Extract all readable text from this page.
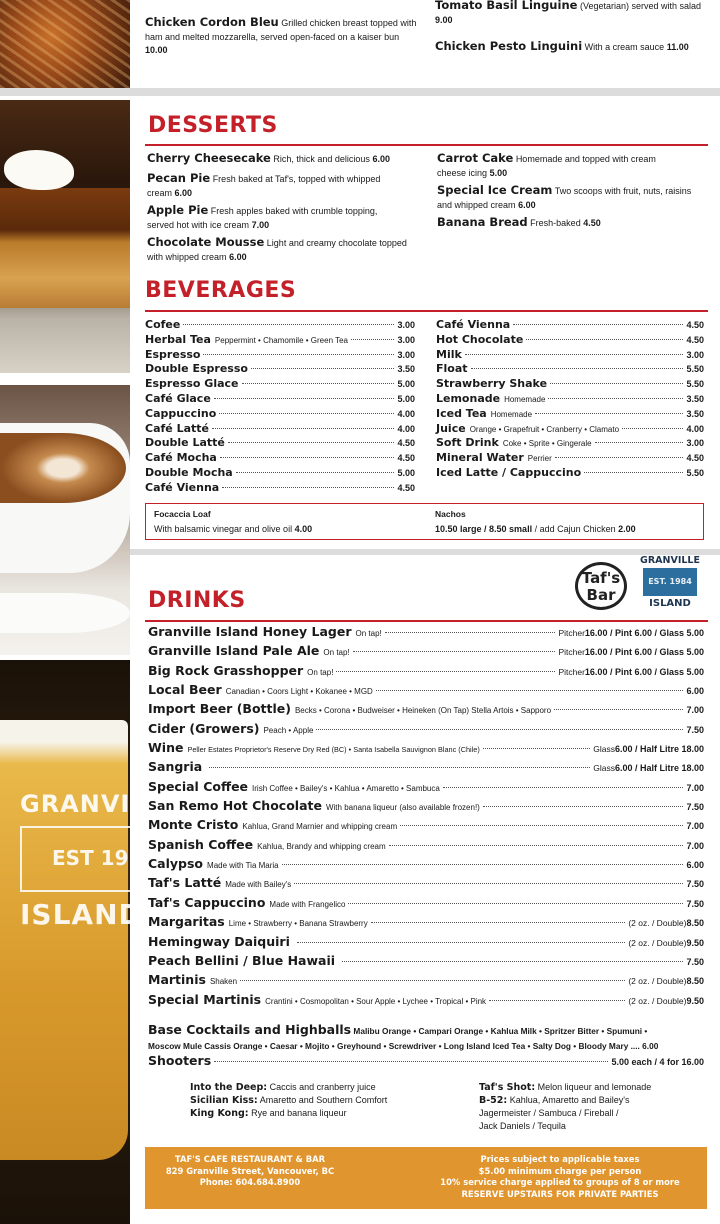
GRANVILLE
EST 19
ISLAND
Chicken Cordon Bleu Grilled chicken breast topped with ham and melted mozzarella, served open-faced on a kaiser bun 10.00
Tomato Basil Linguine (Vegetarian) served with salad
9.00
Chicken Pesto Linguini With a cream sauce 11.00
DESSERTS
Cherry Cheesecake Rich, thick and delicious 6.00
Pecan Pie Fresh baked at Taf's, topped with whipped cream 6.00
Apple Pie Fresh apples baked with crumble topping, served hot with ice cream 7.00
Chocolate Mousse Light and creamy chocolate topped with whipped cream 6.00
Carrot Cake Homemade and topped with cream cheese icing 5.00
Special Ice Cream Two scoops with fruit, nuts, raisins and whipped cream 6.00
Banana Bread Fresh-baked 4.50
BEVERAGES
Cofee	3.00
Herbal Tea Peppermint • Chamomile • Green Tea	3.00
Espresso	3.00
Double Espresso	3.50
Espresso Glace	5.00
Café Glace	5.00
Cappuccino	4.00
Café Latté	4.00
Double Latté	4.50
Café Mocha	4.50
Double Mocha	5.00
Café Vienna	4.50
Café Vienna	4.50
Hot Chocolate	4.50
Milk	3.00
Float	5.50
Strawberry Shake	5.50
Lemonade Homemade	3.50
Iced Tea Homemade	3.50
Juice Orange • Grapefruit • Cranberry • Clamato	4.00
Soft Drink Coke • Sprite • Gingerale	3.00
Mineral Water Perrier	4.50
Iced Latte / Cappuccino	5.50
Focaccia Loaf
With balsamic vinegar and olive oil 4.00
Nachos
10.50 large / 8.50 small / add Cajun Chicken 2.00
Taf's
Bar
GRANVILLE
EST. 1984
ISLAND
DRINKS
Granville Island Honey Lager On tap!	Pitcher 16.00 / Pint 6.00 / Glass 5.00
Granville Island Pale Ale On tap!	Pitcher 16.00 / Pint 6.00 / Glass 5.00
Big Rock Grasshopper On tap!	Pitcher 16.00 / Pint 6.00 / Glass 5.00
Local Beer Canadian • Coors Light • Kokanee • MGD	6.00
Import Beer (Bottle) Becks • Corona • Budweiser • Heineken (On Tap) Stella Artois • Sapporo	7.00
Cider (Growers) Peach • Apple	7.50
Wine Peller Estates Proprietor's Reserve Dry Red (BC) • Santa Isabella Sauvignon Blanc (Chile)	Glass 6.00 / Half Litre 18.00
Sangria	Glass 6.00 / Half Litre 18.00
Special Coffee Irish Coffee • Bailey's • Kahlua • Amaretto • Sambuca	7.00
San Remo Hot Chocolate With banana liqueur (also available frozen!)	7.50
Monte Cristo Kahlua, Grand Marnier and whipping cream	7.00
Spanish Coffee Kahlua, Brandy and whipping cream	7.00
Calypso Made with Tia Maria	6.00
Taf's Latté Made with Bailey's	7.50
Taf's Cappuccino Made with Frangelico	7.50
Margaritas Lime • Strawberry • Banana Strawberry	(2 oz. / Double) 8.50
Hemingway Daiquiri	(2 oz. / Double) 9.50
Peach Bellini / Blue Hawaii	7.50
Martinis Shaken	(2 oz. / Double) 8.50
Special Martinis Crantini • Cosmopolitan • Sour Apple • Lychee • Tropical • Pink	(2 oz. / Double) 9.50
Base Cocktails and Highballs Malibu Orange • Campari Orange • Kahlua Milk • Spritzer Bitter • Spumuni •
Moscow Mule Cassis Orange • Caesar • Mojito • Greyhound • Screwdriver • Long Island Iced Tea • Salty Dog • Bloody Mary .... 6.00
Shooters	5.00 each / 4 for 16.00
Into the Deep: Caccis and cranberry juice
Sicilian Kiss: Amaretto and Southern Comfort
King Kong: Rye and banana liqueur
Taf's Shot: Melon liqueur and lemonade
B-52: Kahlua, Amaretto and Bailey's
Jagermeister / Sambuca / Fireball /
Jack Daniels / Tequila
TAF'S CAFE RESTAURANT & BAR
829 Granville Street, Vancouver, BC
Phone: 604.684.8900
Prices subject to applicable taxes
$5.00 minimum charge per person
10% service charge applied to groups of 8 or more
RESERVE UPSTAIRS FOR PRIVATE PARTIES
